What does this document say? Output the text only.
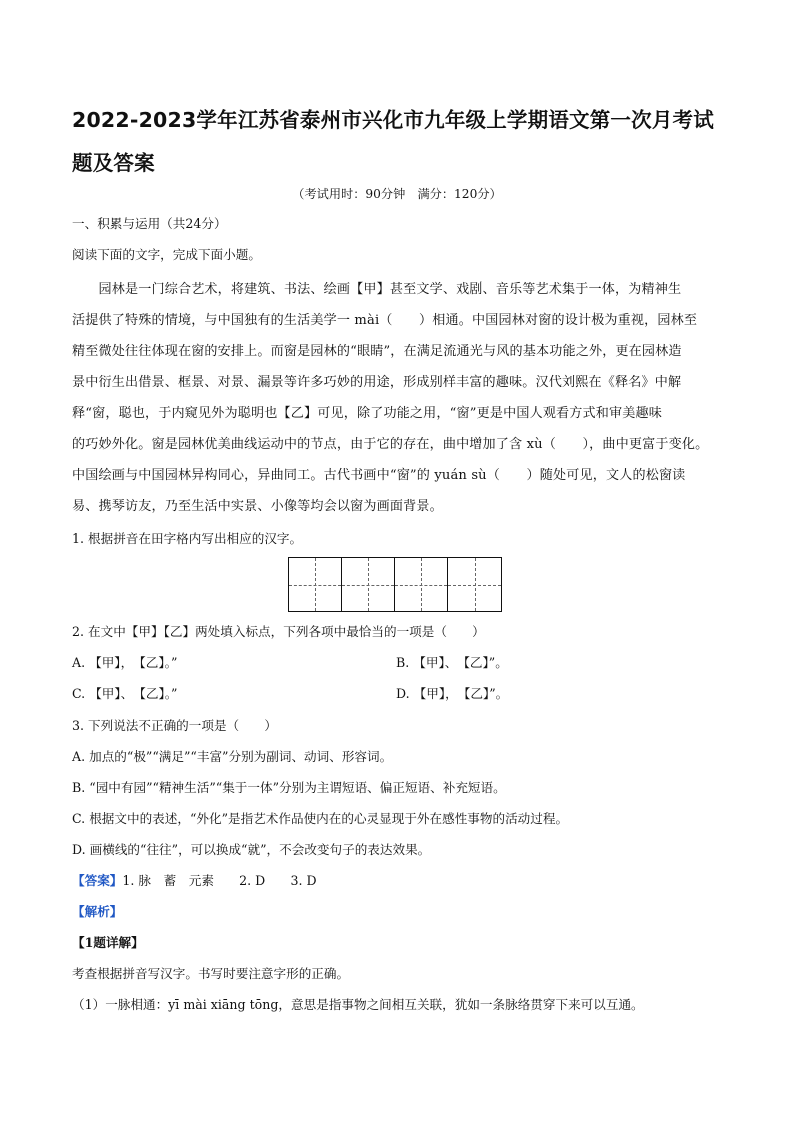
2022-2023学年江苏省泰州市兴化市九年级上学期语文第一次月考试
题及答案
（考试用时：90分钟　满分：120分）
一、积累与运用（共24分）
阅读下面的文字，完成下面小题。
　　园林是一门综合艺术，将建筑、书法、绘画【甲】甚至文学、戏剧、音乐等艺术集于一体，为精神生
活提供了特殊的情境，与中国独有的生活美学一 mài（　　）相通。中国园林对窗的设计极为重视，园林至
精至微处往往体现在窗的安排上。而窗是园林的“眼睛”，在满足流通光与风的基本功能之外，更在园林造
景中衍生出借景、框景、对景、漏景等许多巧妙的用途，形成别样丰富的趣味。汉代刘熙在《释名》中解
释“窗，聪也，于内窥见外为聪明也【乙】可见，除了功能之用，“窗”更是中国人观看方式和审美趣味
的巧妙外化。窗是园林优美曲线运动中的节点，由于它的存在，曲中增加了含 xù（　　），曲中更富于变化。
中国绘画与中国园林异构同心，异曲同工。古代书画中“窗”的 yuán sù（　　）随处可见，文人的松窗读
易、携琴访友，乃至生活中实景、小像等均会以窗为画面背景。
1. 根据拼音在田字格内写出相应的汉字。
2. 在文中【甲】【乙】两处填入标点，下列各项中最恰当的一项是（　　）
A. 【甲】，　【乙】。”	B. 【甲】、　【乙】”。
C. 【甲】、　【乙】。”	D. 【甲】，　【乙】”。
3. 下列说法不正确的一项是（　　）
A. 加点的“极”“满足”“丰富”分别为副词、动词、形容词。
B. “园中有园”“精神生活”“集于一体”分别为主谓短语、偏正短语、补充短语。
C. 根据文中的表述，“外化”是指艺术作品使内在的心灵显现于外在感性事物的活动过程。
D. 画横线的“往往”，可以换成“就”，不会改变句子的表达效果。
【答案】1. 脉　蓄　元素　　2. D　　3. D
【解析】
【1题详解】
考查根据拼音写汉字。书写时要注意字形的正确。
（1）一脉相通：yī mài xiāng tōng，意思是指事物之间相互关联，犹如一条脉络贯穿下来可以互通。
